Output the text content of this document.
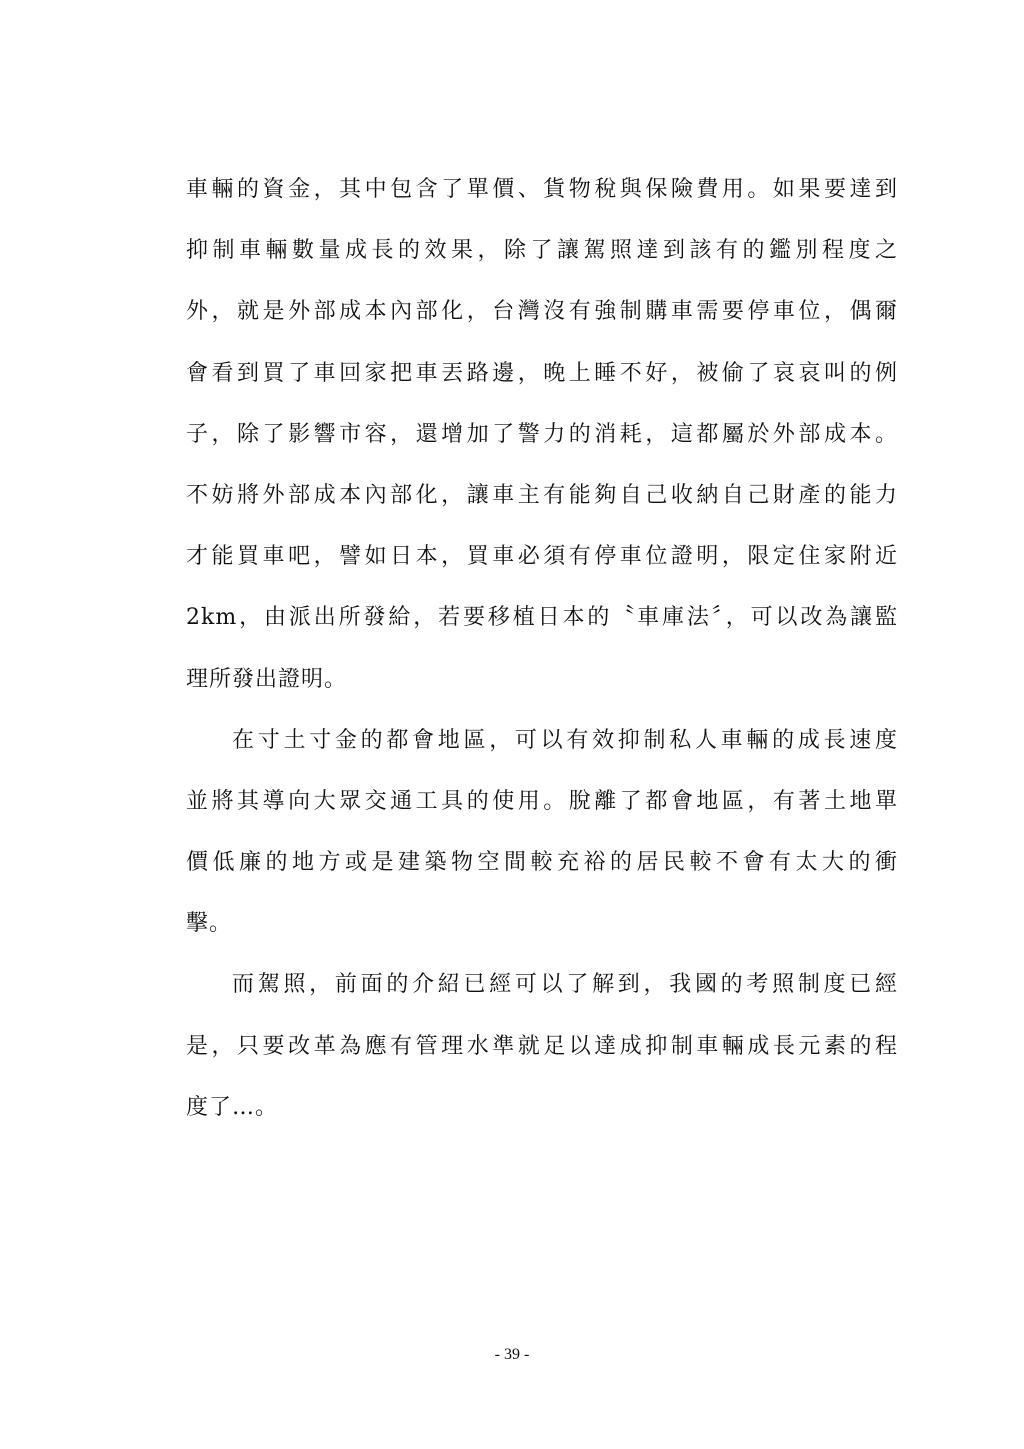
車輛的資金，其中包含了單價、貨物稅與保險費用。如果要達到
抑制車輛數量成長的效果，除了讓駕照達到該有的鑑別程度之
外，就是外部成本內部化，台灣沒有強制購車需要停車位，偶爾
會看到買了車回家把車丟路邊，晚上睡不好，被偷了哀哀叫的例
子，除了影響市容，還增加了警力的消耗，這都屬於外部成本。
不妨將外部成本內部化，讓車主有能夠自己收納自己財產的能力
才能買車吧，譬如日本，買車必須有停車位證明，限定住家附近
2km，由派出所發給，若要移植日本的〝車庫法〞，可以改為讓監
理所發出證明。
在寸土寸金的都會地區，可以有效抑制私人車輛的成長速度
並將其導向大眾交通工具的使用。脫離了都會地區，有著土地單
價低廉的地方或是建築物空間較充裕的居民較不會有太大的衝
擊。
而駕照，前面的介紹已經可以了解到，我國的考照制度已經
是，只要改革為應有管理水準就足以達成抑制車輛成長元素的程
度了…。
- 39 -
